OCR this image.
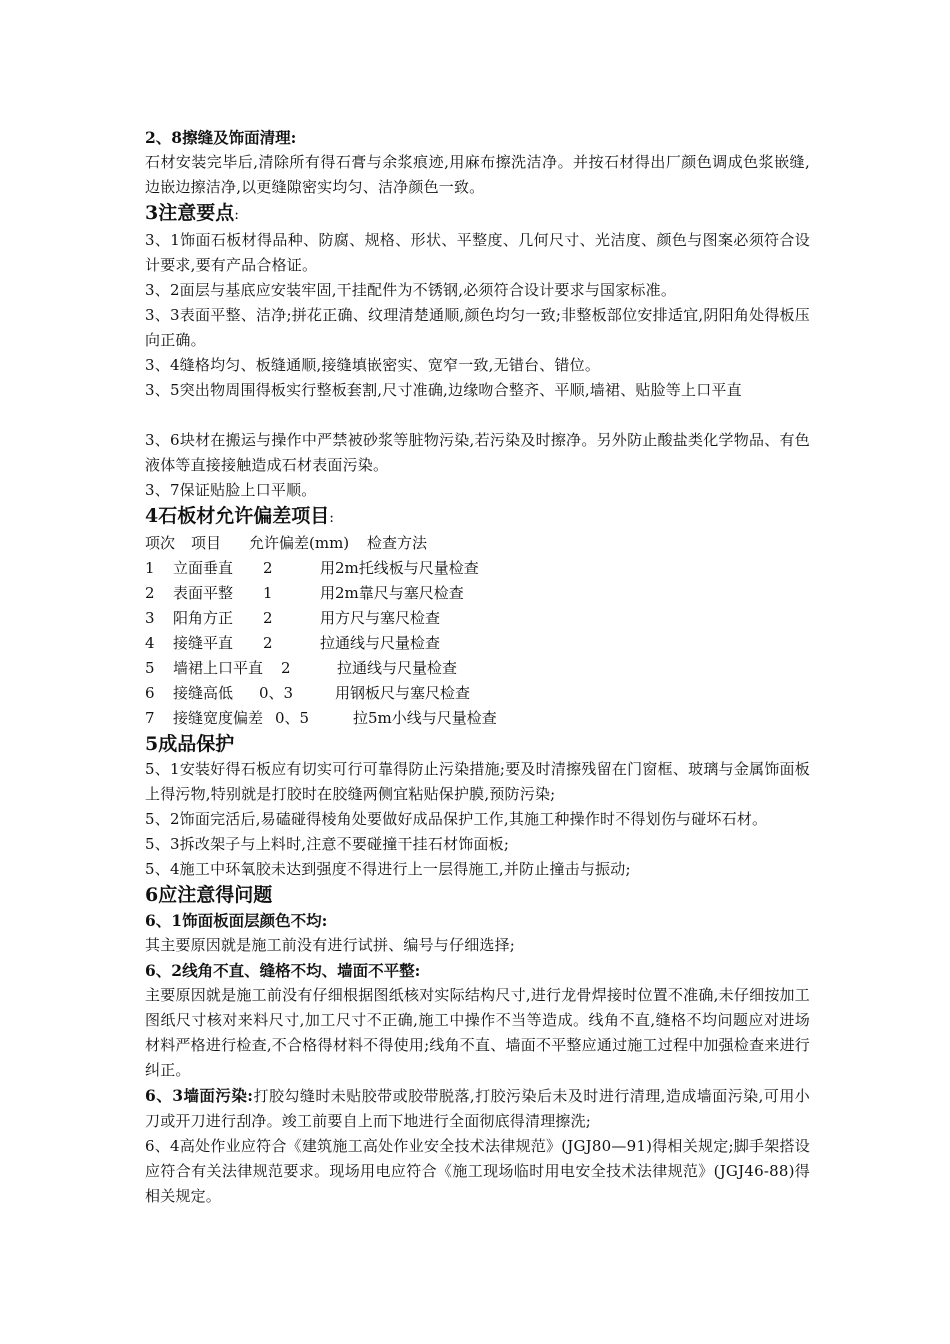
2、8擦缝及饰面清理:

石材安装完毕后,清除所有得石膏与余浆痕迹,用麻布擦洗洁净。并按石材得出厂颜色调成色浆嵌缝,边嵌边擦洁净,以更缝隙密实均匀、洁净颜色一致。

3注意要点:

3、1饰面石板材得品种、防腐、规格、形状、平整度、几何尺寸、光洁度、颜色与图案必须符合设计要求,要有产品合格证。

3、2面层与基底应安装牢固,干挂配件为不锈钢,必须符合设计要求与国家标准。

3、3表面平整、洁净;拼花正确、纹理清楚通顺,颜色均匀一致;非整板部位安排适宜,阴阳角处得板压向正确。

3、4缝格均匀、板缝通顺,接缝填嵌密实、宽窄一致,无错台、错位。

3、5突出物周围得板实行整板套割,尺寸准确,边缘吻合整齐、平顺,墙裙、贴脸等上口平直

3、6块材在搬运与操作中严禁被砂浆等脏物污染,若污染及时擦净。另外防止酸盐类化学物品、有色液体等直接接触造成石材表面污染。

3、7保证贴脸上口平顺。

4石板材允许偏差项目:

项次 项目 允许偏差(mm) 检查方法
1 立面垂直 2	用2m托线板与尺量检查
2 表面平整 1	用2m靠尺与塞尺检查
3 阳角方正 2	用方尺与塞尺检查
4 接缝平直 2	拉通线与尺量检查
5 墙裙上口平直 2	拉通线与尺量检查
6 接缝高低 0、3	用钢板尺与塞尺检查
7 接缝宽度偏差 0、5	拉5m小线与尺量检查

5成品保护

5、1安装好得石板应有切实可行可靠得防止污染措施;要及时清擦残留在门窗框、玻璃与金属饰面板上得污物,特别就是打胶时在胶缝两侧宜粘贴保护膜,预防污染;

5、2饰面完活后,易磕碰得棱角处要做好成品保护工作,其施工种操作时不得划伤与碰坏石材。

5、3拆改架子与上料时,注意不要碰撞干挂石材饰面板;

5、4施工中环氧胶未达到强度不得进行上一层得施工,并防止撞击与振动;

6应注意得问题

6、1饰面板面层颜色不均:

其主要原因就是施工前没有进行试拼、编号与仔细选择;

6、2线角不直、缝格不均、墙面不平整:

主要原因就是施工前没有仔细根据图纸核对实际结构尺寸,进行龙骨焊接时位置不准确,未仔细按加工图纸尺寸核对来料尺寸,加工尺寸不正确,施工中操作不当等造成。线角不直,缝格不均问题应对进场材料严格进行检查,不合格得材料不得使用;线角不直、墙面不平整应通过施工过程中加强检查来进行纠正。

6、3墙面污染:打胶勾缝时未贴胶带或胶带脱落,打胶污染后未及时进行清理,造成墙面污染,可用小刀或开刀进行刮净。竣工前要自上而下地进行全面彻底得清理擦洗;

6、4高处作业应符合《建筑施工高处作业安全技术法律规范》(JGJ80—91)得相关规定;脚手架搭设应符合有关法律规范要求。现场用电应符合《施工现场临时用电安全技术法律规范》(JGJ46-88)得相关规定。
